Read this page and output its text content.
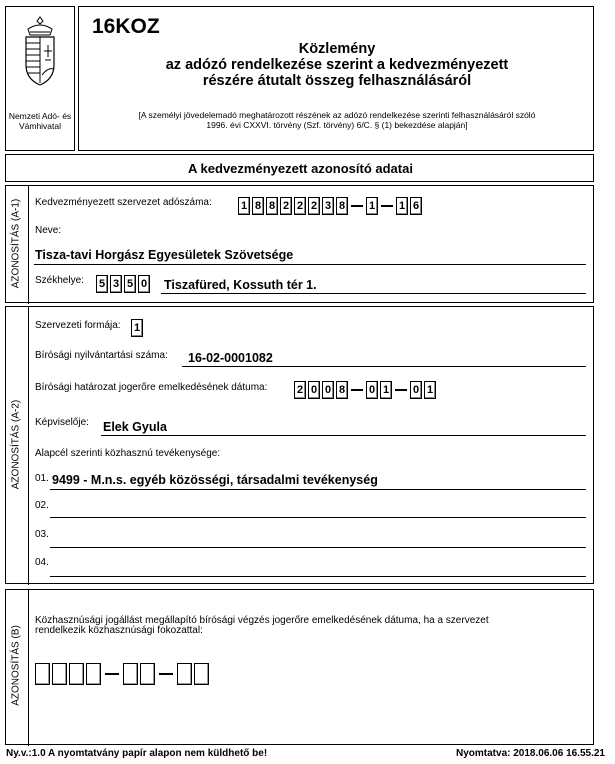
Nemzeti Adó- és Vámhivatal
16KOZ
Közlemény
az adózó rendelkezése szerint a kedvezményezett
részére átutalt összeg felhasználásáról
[A személyi jövedelemadó meghatározott részének az adózó rendelkezése szerinti felhasználásáról szóló
1996. évi CXXVI. törvény (Szf. törvény) 6/C. § (1) bekezdése alapján]
A kedvezményezett azonosító adatai
AZONOSÍTÁS (A-1) Kedvezményezett szervezet adószáma:	1 8 8 2 2 2 3 8	1	1 6
Neve:
Tisza-tavi Horgász Egyesületek Szövetsége
Székhelye: 5 3 5 0	Tiszafüred, Kossuth tér 1.
AZONOSÍTÁS (A-2)
Szervezeti formája: 1
Bírósági nyilvántartási száma: 16-02-0001082
Bírósági határozat jogerőre emelkedésének dátuma:	2 0 0 8	0 1	0 1
Képviselője: Elek Gyula
Alapcél szerinti közhasznú tevékenysége:
01. 9499 - M.n.s. egyéb közösségi, társadalmi tevékenység
02.
03.
04.
AZONOSÍTÁS (B)
Közhasznúsági jogállást megállapító bírósági végzés jogerőre emelkedésének dátuma, ha a szervezet
rendelkezik közhasznúsági fokozattal:
Ny.v.:1.0 A nyomtatvány papír alapon nem küldhető be!	Nyomtatva: 2018.06.06 16.55.21
